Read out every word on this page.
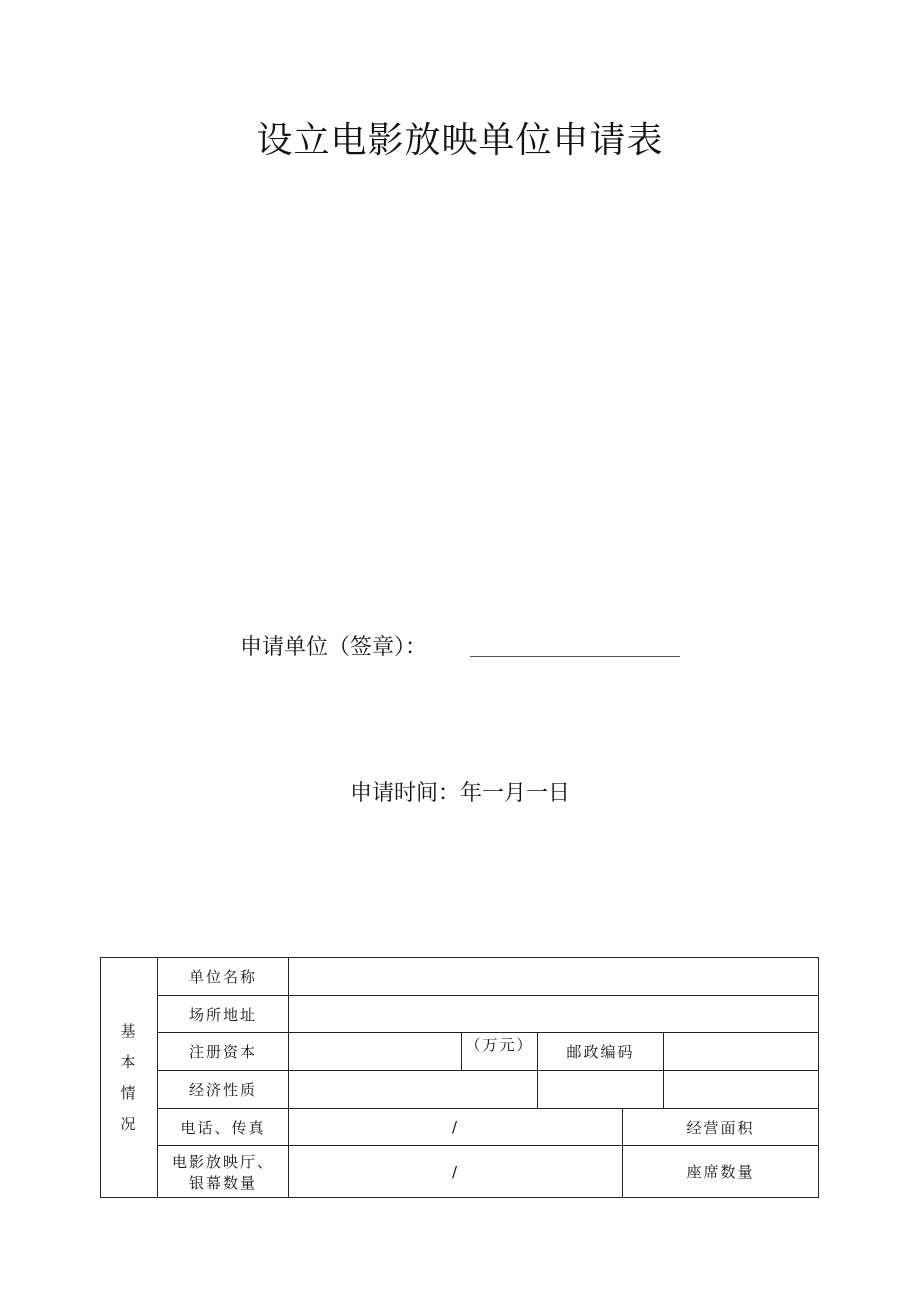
设立电影放映单位申请表
申请单位（签章）：
申请时间：年一月一日
基
本
情
况	单位名称						
	场所地址						
	注册资本		（万元）	邮政编码			
	经济性质						
	电话、传真	/			经营面积	

	电影放映厅、
银幕数量	/			座席数量		
